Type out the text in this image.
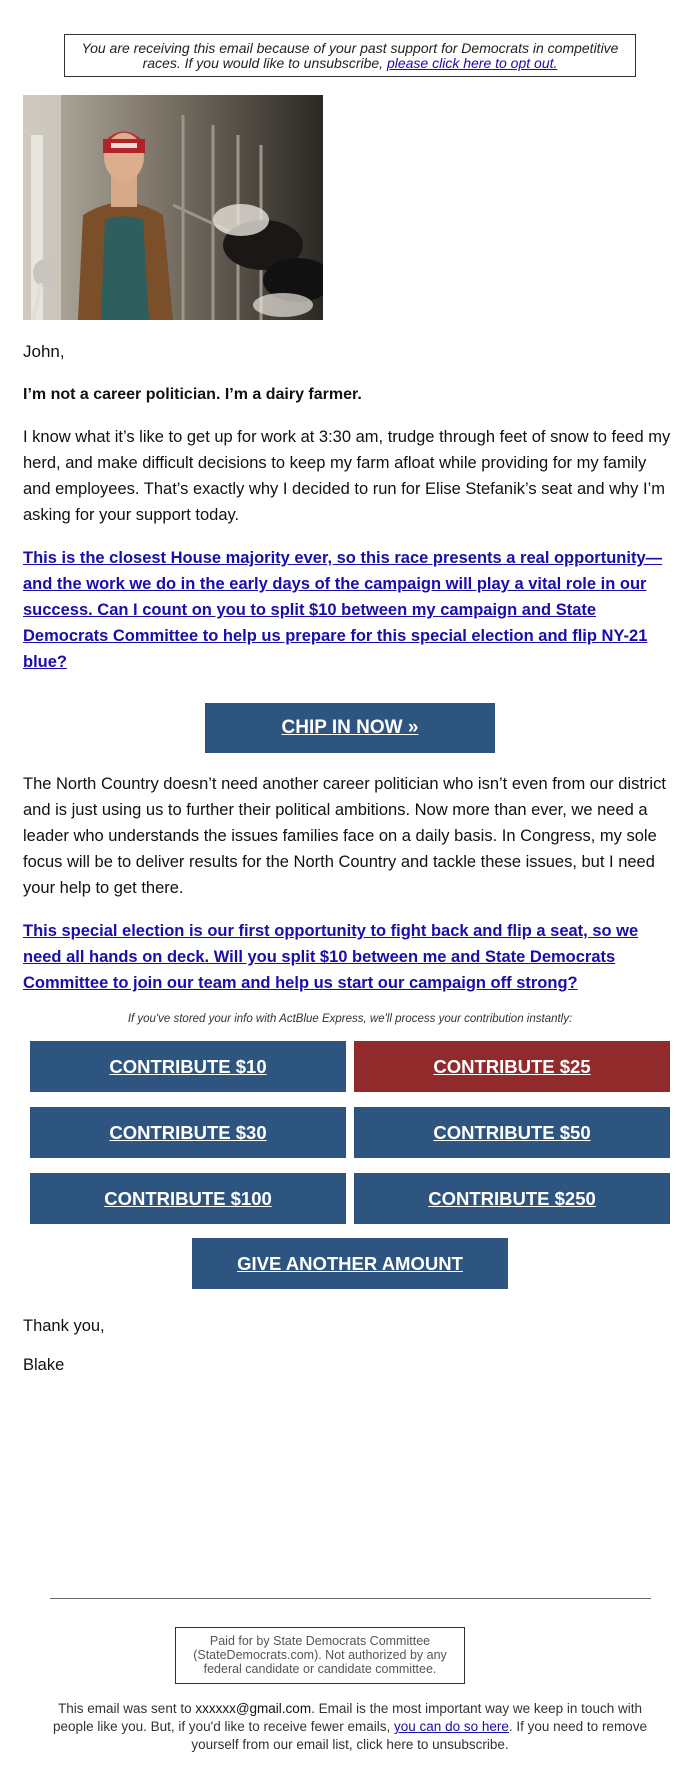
You are receiving this email because of your past support for Democrats in competitive races. If you would like to unsubscribe, please click here to opt out.

John,

I’m not a career politician. I’m a dairy farmer.

I know what it’s like to get up for work at 3:30 am, trudge through feet of snow to feed my herd, and make difficult decisions to keep my farm afloat while providing for my family and employees. That’s exactly why I decided to run for Elise Stefanik’s seat and why I’m asking for your support today.

This is the closest House majority ever, so this race presents a real opportunity—and the work we do in the early days of the campaign will play a vital role in our success. Can I count on you to split $10 between my campaign and State Democrats Committee to help us prepare for this special election and flip NY-21 blue?
CHIP IN NOW »

The North Country doesn’t need another career politician who isn’t even from our district and is just using us to further their political ambitions. Now more than ever, we need a leader who understands the issues families face on a daily basis. In Congress, my sole focus will be to deliver results for the North Country and tackle these issues, but I need your help to get there.

This special election is our first opportunity to fight back and flip a seat, so we need all hands on deck. Will you split $10 between me and State Democrats Committee to join our team and help us start our campaign off strong?

If you've stored your info with ActBlue Express, we'll process your contribution instantly:

CONTRIBUTE $10	CONTRIBUTE $25
CONTRIBUTE $30	CONTRIBUTE $50
CONTRIBUTE $100	CONTRIBUTE $250
GIVE ANOTHER AMOUNT

Thank you,

Blake

Paid for by State Democrats Committee (StateDemocrats.com). Not authorized by any federal candidate or candidate committee.
This email was sent to xxxxxx@gmail.com. Email is the most important way we keep in touch with people like you. But, if you'd like to receive fewer emails, you can do so here. If you need to remove yourself from our email list, click here to unsubscribe.
